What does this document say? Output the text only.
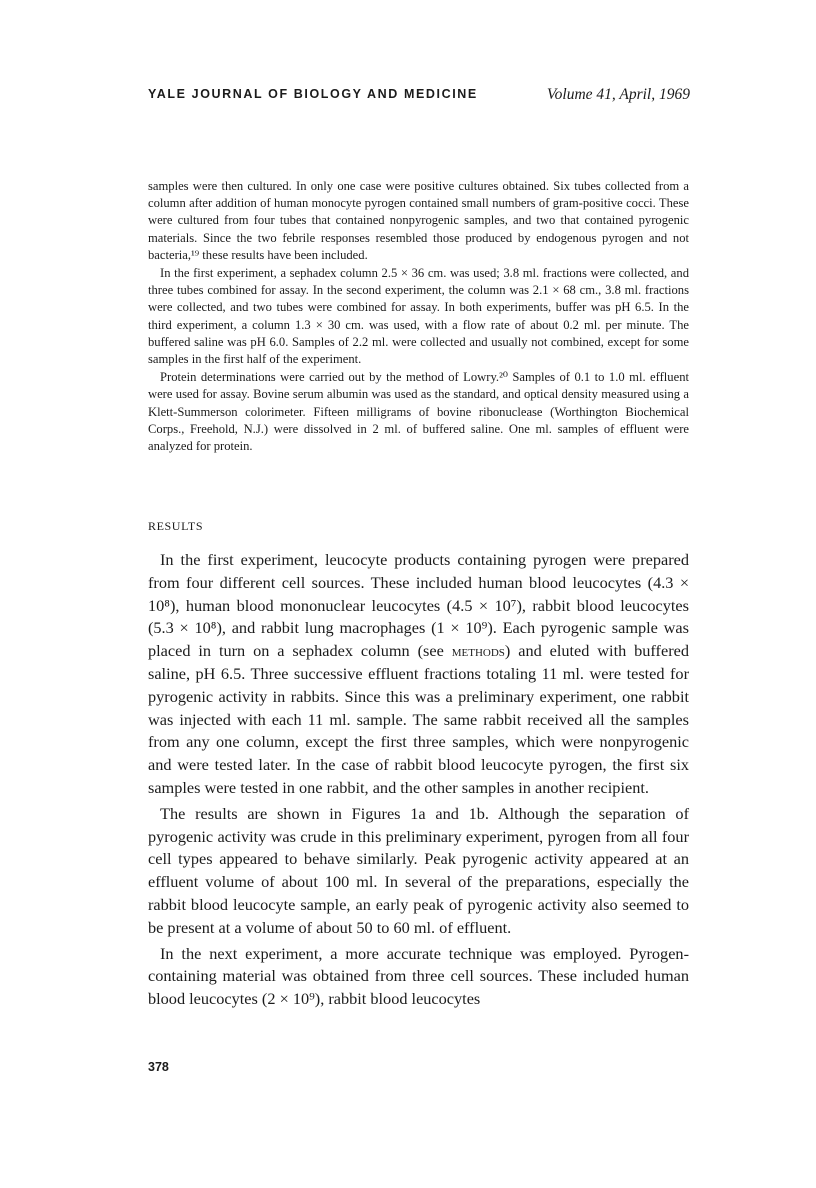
YALE JOURNAL OF BIOLOGY AND MEDICINE	Volume 41, April, 1969

samples were then cultured. In only one case were positive cultures obtained. Six tubes collected from a column after addition of human monocyte pyrogen contained small numbers of gram-positive cocci. These were cultured from four tubes that contained nonpyrogenic samples, and two that contained pyrogenic materials. Since the two febrile responses resembled those produced by endogenous pyrogen and not bacteria,¹⁹ these results have been included.

In the first experiment, a sephadex column 2.5 × 36 cm. was used; 3.8 ml. fractions were collected, and three tubes combined for assay. In the second experiment, the column was 2.1 × 68 cm., 3.8 ml. fractions were collected, and two tubes were combined for assay. In both experiments, buffer was pH 6.5. In the third experiment, a column 1.3 × 30 cm. was used, with a flow rate of about 0.2 ml. per minute. The buffered saline was pH 6.0. Samples of 2.2 ml. were collected and usually not combined, except for some samples in the first half of the experiment.

Protein determinations were carried out by the method of Lowry.²⁰ Samples of 0.1 to 1.0 ml. effluent were used for assay. Bovine serum albumin was used as the standard, and optical density measured using a Klett-Summerson colorimeter. Fifteen milligrams of bovine ribonuclease (Worthington Biochemical Corps., Freehold, N.J.) were dissolved in 2 ml. of buffered saline. One ml. samples of effluent were analyzed for protein.

RESULTS

In the first experiment, leucocyte products containing pyrogen were prepared from four different cell sources. These included human blood leucocytes (4.3 × 10⁸), human blood mononuclear leucocytes (4.5 × 10⁷), rabbit blood leucocytes (5.3 × 10⁸), and rabbit lung macrophages (1 × 10⁹). Each pyrogenic sample was placed in turn on a sephadex column (see methods) and eluted with buffered saline, pH 6.5. Three successive effluent fractions totaling 11 ml. were tested for pyrogenic activity in rabbits. Since this was a preliminary experiment, one rabbit was injected with each 11 ml. sample. The same rabbit received all the samples from any one column, except the first three samples, which were nonpyrogenic and were tested later. In the case of rabbit blood leucocyte pyrogen, the first six samples were tested in one rabbit, and the other samples in another recipient.

The results are shown in Figures 1a and 1b. Although the separation of pyrogenic activity was crude in this preliminary experiment, pyrogen from all four cell types appeared to behave similarly. Peak pyrogenic activity appeared at an effluent volume of about 100 ml. In several of the preparations, especially the rabbit blood leucocyte sample, an early peak of pyrogenic activity also seemed to be present at a volume of about 50 to 60 ml. of effluent.

In the next experiment, a more accurate technique was employed. Pyrogen-containing material was obtained from three cell sources. These included human blood leucocytes (2 × 10⁹), rabbit blood leucocytes

378
